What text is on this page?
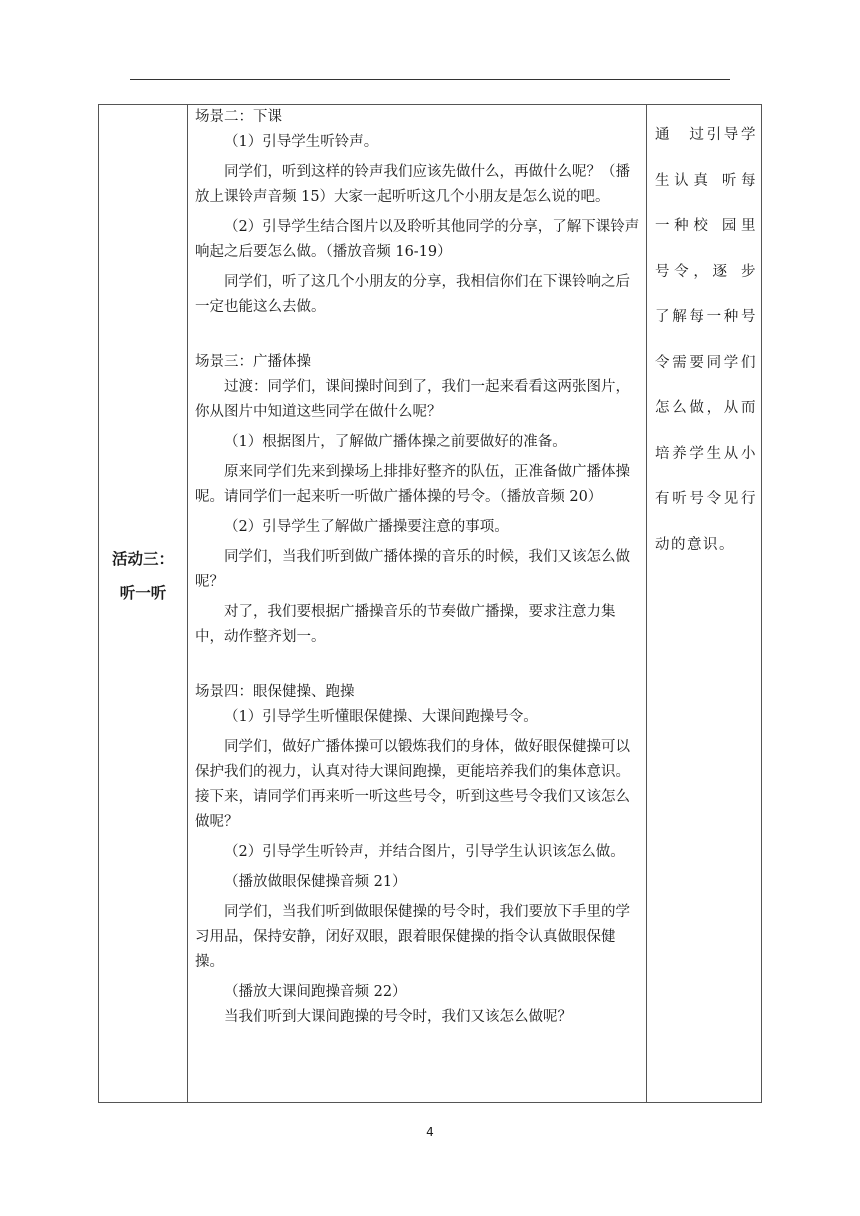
活动三：
听一听

场景二：下课

（1）引导学生听铃声。

同学们，听到这样的铃声我们应该先做什么，再做什么呢？（播放上课铃声音频 15）大家一起听听这几个小朋友是怎么说的吧。

（2）引导学生结合图片以及聆听其他同学的分享，了解下课铃声响起之后要怎么做。（播放音频 16-19）

同学们，听了这几个小朋友的分享，我相信你们在下课铃响之后一定也能这么去做。

场景三：广播体操

过渡：同学们，课间操时间到了，我们一起来看看这两张图片，你从图片中知道这些同学在做什么呢？

（1）根据图片，了解做广播体操之前要做好的准备。

原来同学们先来到操场上排排好整齐的队伍，正准备做广播体操呢。请同学们一起来听一听做广播体操的号令。（播放音频 20）

（2）引导学生了解做广播操要注意的事项。

同学们，当我们听到做广播体操的音乐的时候，我们又该怎么做呢？

对了，我们要根据广播操音乐的节奏做广播操，要求注意力集中，动作整齐划一。

场景四：眼保健操、跑操

（1）引导学生听懂眼保健操、大课间跑操号令。

同学们，做好广播体操可以锻炼我们的身体，做好眼保健操可以保护我们的视力，认真对待大课间跑操，更能培养我们的集体意识。接下来，请同学们再来听一听这些号令，听到这些号令我们又该怎么做呢？

（2）引导学生听铃声，并结合图片，引导学生认识该怎么做。

（播放做眼保健操音频 21）

同学们，当我们听到做眼保健操的号令时，我们要放下手里的学习用品，保持安静，闭好双眼，跟着眼保健操的指令认真做眼保健操。

（播放大课间跑操音频 22）

当我们听到大课间跑操的号令时，我们又该怎么做呢？

通　过引导学生认真 听每一种校 园里号令，逐 步了解每一种号令需要同学们怎么做，从而培养学生从小有听号令见行动的意识。
4
